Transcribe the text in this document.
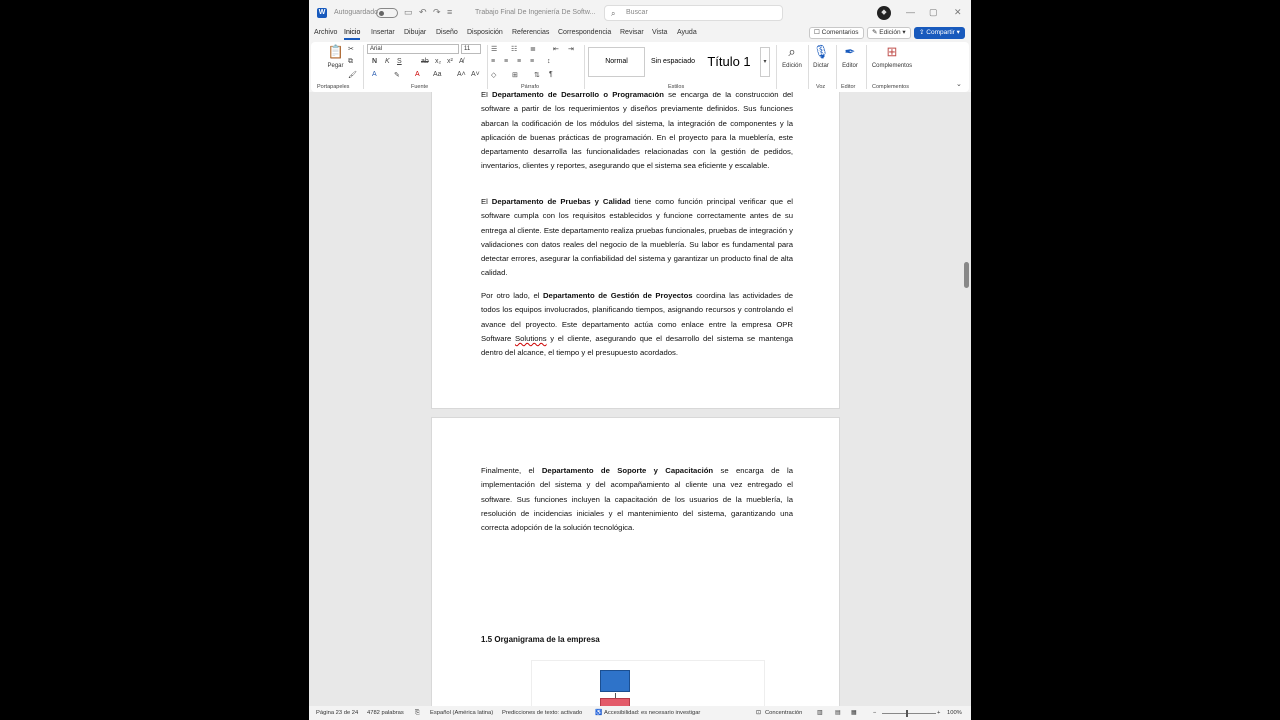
W Autoguardado	▭ ↶ ↷ ≡	Trabajo Final De Ingeniería De Softw... ⌕ Buscar	◆	— ▢ ✕
Archivo Inicio Insertar Dibujar Diseño Disposición Referencias Correspondencia Revisar Vista Ayuda	☐ Comentarios	✎ Edición ▾	⇪ Compartir ▾
📋
Pegar
✂
⧉
🖌
Portapapeles
Arial	11
N K S	ab x₂ x² A̸
A ✎ A Aa A˄ A˅
Fuente
☰ ☷ ≣ ⇤ ⇥
≡ ≡ ≡ ≡ ↕
◇ ⊞ ⇅ ¶
Párrafo
Normal	Sin espaciado Título 1	▾
Estilos
⌕
Edición
🎙
Dictar
Voz
✒
Editor
Editor
⊞
Complementos
Complementos	⌄

El Departamento de Desarrollo o Programación se encarga de la construcción del software a partir de los requerimientos y diseños previamente definidos. Sus funciones abarcan la codificación de los módulos del sistema, la integración de componentes y la aplicación de buenas prácticas de programación. En el proyecto para la mueblería, este departamento desarrolla las funcionalidades relacionadas con la gestión de pedidos, inventarios, clientes y reportes, asegurando que el sistema sea eficiente y escalable.

El Departamento de Pruebas y Calidad tiene como función principal verificar que el software cumpla con los requisitos establecidos y funcione correctamente antes de su entrega al cliente. Este departamento realiza pruebas funcionales, pruebas de integración y validaciones con datos reales del negocio de la mueblería. Su labor es fundamental para detectar errores, asegurar la confiabilidad del sistema y garantizar un producto final de alta calidad.

Por otro lado, el Departamento de Gestión de Proyectos coordina las actividades de todos los equipos involucrados, planificando tiempos, asignando recursos y controlando el avance del proyecto. Este departamento actúa como enlace entre la empresa OPR Software Solutions y el cliente, asegurando que el desarrollo del sistema se mantenga dentro del alcance, el tiempo y el presupuesto acordados.

Finalmente, el Departamento de Soporte y Capacitación se encarga de la implementación del sistema y del acompañamiento al cliente una vez entregado el software. Sus funciones incluyen la capacitación de los usuarios de la mueblería, la resolución de incidencias iniciales y el mantenimiento del sistema, garantizando una correcta adopción de la solución tecnológica.

1.5 Organigrama de la empresa
Página 23 de 24 4782 palabras ⎘ Español (América latina) Predicciones de texto: activado ♿ Accesibilidad: es necesario investigar	⊡ Concentración	▥ ▤ ▦	−	+ 100%
